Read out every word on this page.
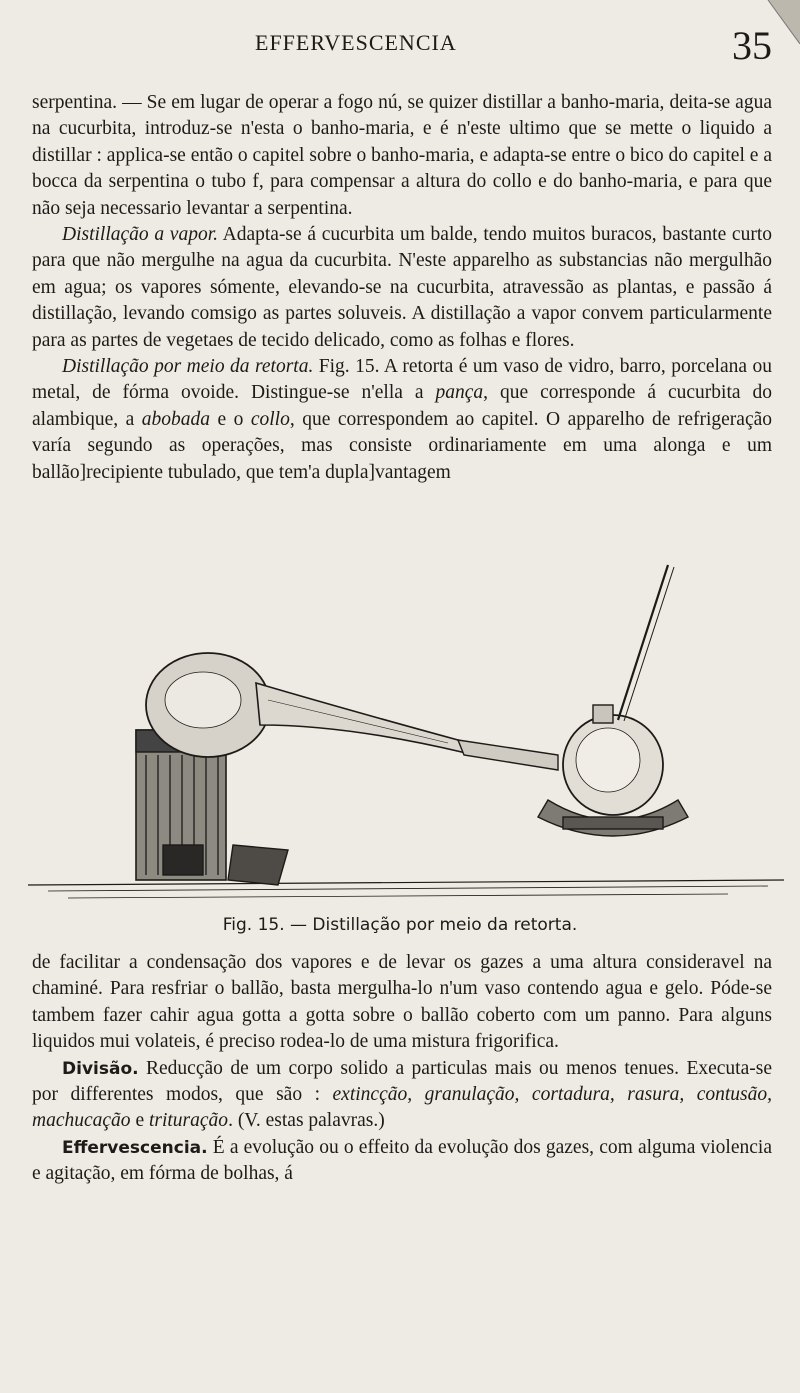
EFFERVESCENCIA	35

serpentina. — Se em lugar de operar a fogo nú, se quizer distillar a banho-maria, deita-se agua na cucurbita, introduz-se n'esta o banho-maria, e é n'este ultimo que se mette o liquido a distillar : applica-se então o capitel sobre o banho-maria, e adapta-se entre o bico do capitel e a bocca da serpentina o tubo f, para compensar a altura do collo e do banho-maria, e para que não seja necessario levantar a serpentina.

Distillação a vapor. Adapta-se á cucurbita um balde, tendo muitos buracos, bastante curto para que não mergulhe na agua da cucurbita. N'este apparelho as substancias não mergulhão em agua; os vapores sómente, elevando-se na cucurbita, atravessão as plantas, e passão á distillação, levando comsigo as partes soluveis. A distillação a vapor convem particularmente para as partes de vegetaes de tecido delicado, como as folhas e flores.

Distillação por meio da retorta. Fig. 15. A retorta é um vaso de vidro, barro, porcelana ou metal, de fórma ovoide. Distingue-se n'ella a pança, que corresponde á cucurbita do alambique, a abobada e o collo, que correspondem ao capitel. O apparelho de refrigeração varía segundo as operações, mas consiste ordinariamente em uma alonga e um ballão]recipiente tubulado, que tem'a dupla]vantagem

Fig. 15. — Distillação por meio da retorta.

de facilitar a condensação dos vapores e de levar os gazes a uma altura consideravel na chaminé. Para resfriar o ballão, basta mergulha-lo n'um vaso contendo agua e gelo. Póde-se tambem fazer cahir agua gotta a gotta sobre o ballão coberto com um panno. Para alguns liquidos mui volateis, é preciso rodea-lo de uma mistura frigorifica.

Divisão. Reducção de um corpo solido a particulas mais ou menos tenues. Executa-se por differentes modos, que são : extincção, granulação, cortadura, rasura, contusão, machucação e trituração. (V. estas palavras.)

Effervescencia. É a evolução ou o effeito da evolução dos gazes, com alguma violencia e agitação, em fórma de bolhas, á
